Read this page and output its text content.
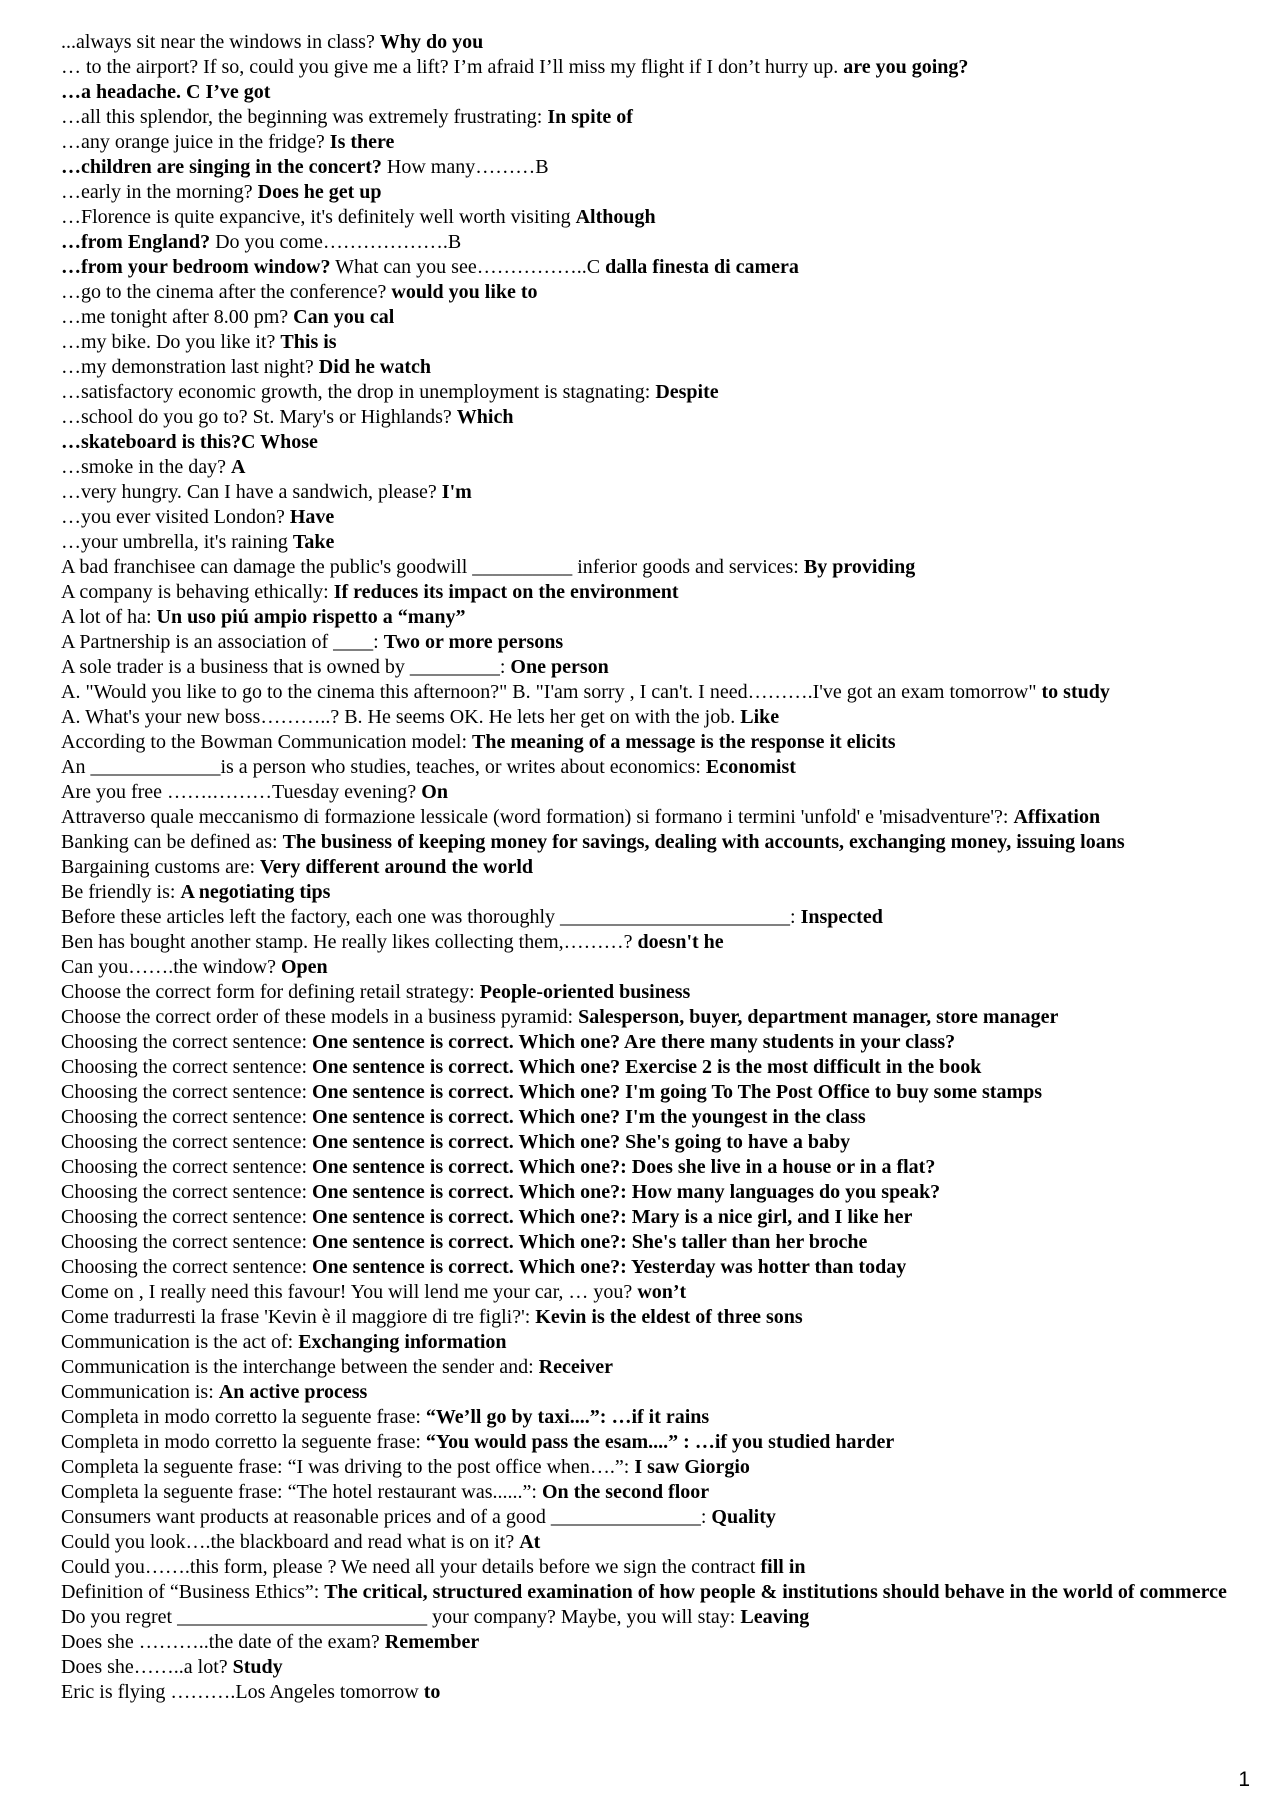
...always sit near the windows in class? Why do you
… to the airport? If so, could you give me a lift? I’m afraid I’ll miss my flight if I don’t hurry up. are you going?
…a headache. C I’ve got
…all this splendor, the beginning was extremely frustrating: In spite of
…any orange juice in the fridge? Is there
…children are singing in the concert? How many………B
…early in the morning? Does he get up
…Florence is quite expancive, it's definitely well worth visiting Although
…from England? Do you come……………….B
…from your bedroom window? What can you see……………..C dalla finesta di camera
…go to the cinema after the conference? would you like to
…me tonight after 8.00 pm? Can you cal
…my bike. Do you like it? This is
…my demonstration last night? Did he watch
…satisfactory economic growth, the drop in unemployment is stagnating: Despite
…school do you go to? St. Mary's or Highlands? Which
…skateboard is this?C Whose
…smoke in the day? A
…very hungry. Can I have a sandwich, please? I'm
…you ever visited London? Have
…your umbrella, it's raining Take
A bad franchisee can damage the public's goodwill __________ inferior goods and services: By providing
A company is behaving ethically: If reduces its impact on the environment
A lot of ha: Un uso piú ampio rispetto a “many”
A Partnership is an association of ____: Two or more persons
A sole trader is a business that is owned by _________: One person
A. "Would you like to go to the cinema this afternoon?" B. "I'am sorry , I can't. I need……….I've got an exam tomorrow" to study
A. What's your new boss………..? B. He seems OK. He lets her get on with the job. Like
According to the Bowman Communication model: The meaning of a message is the response it elicits
An _____________is a person who studies, teaches, or writes about economics: Economist
Are you free …….………Tuesday evening? On
Attraverso quale meccanismo di formazione lessicale (word formation) si formano i termini 'unfold' e 'misadventure'?: Affixation
Banking can be defined as: The business of keeping money for savings, dealing with accounts, exchanging money, issuing loans
Bargaining customs are: Very different around the world
Be friendly is: A negotiating tips
Before these articles left the factory, each one was thoroughly _______________________: Inspected
Ben has bought another stamp. He really likes collecting them,………? doesn't he
Can you…….the window? Open
Choose the correct form for defining retail strategy: People-oriented business
Choose the correct order of these models in a business pyramid: Salesperson, buyer, department manager, store manager
Choosing the correct sentence: One sentence is correct. Which one? Are there many students in your class?
Choosing the correct sentence: One sentence is correct. Which one? Exercise 2 is the most difficult in the book
Choosing the correct sentence: One sentence is correct. Which one? I'm going To The Post Office to buy some stamps
Choosing the correct sentence: One sentence is correct. Which one? I'm the youngest in the class
Choosing the correct sentence: One sentence is correct. Which one? She's going to have a baby
Choosing the correct sentence: One sentence is correct. Which one?: Does she live in a house or in a flat?
Choosing the correct sentence: One sentence is correct. Which one?: How many languages do you speak?
Choosing the correct sentence: One sentence is correct. Which one?: Mary is a nice girl, and I like her
Choosing the correct sentence: One sentence is correct. Which one?: She's taller than her broche
Choosing the correct sentence: One sentence is correct. Which one?: Yesterday was hotter than today
Come on , I really need this favour! You will lend me your car, … you? won’t
Come tradurresti la frase 'Kevin è il maggiore di tre figli?': Kevin is the eldest of three sons
Communication is the act of: Exchanging information
Communication is the interchange between the sender and: Receiver
Communication is: An active process
Completa in modo corretto la seguente frase: “We’ll go by taxi....”: …if it rains
Completa in modo corretto la seguente frase: “You would pass the esam....” : …if you studied harder
Completa la seguente frase: “I was driving to the post office when….”: I saw Giorgio
Completa la seguente frase: “The hotel restaurant was......”: On the second floor
Consumers want products at reasonable prices and of a good _______________: Quality
Could you look….the blackboard and read what is on it? At
Could you…….this form, please ? We need all your details before we sign the contract fill in
Definition of “Business Ethics”: The critical, structured examination of how people & institutions should behave in the world of commerce
Do you regret _________________________ your company? Maybe, you will stay: Leaving
Does she ………..the date of the exam? Remember
Does she……..a lot? Study
Eric is flying ……….Los Angeles tomorrow to
1
